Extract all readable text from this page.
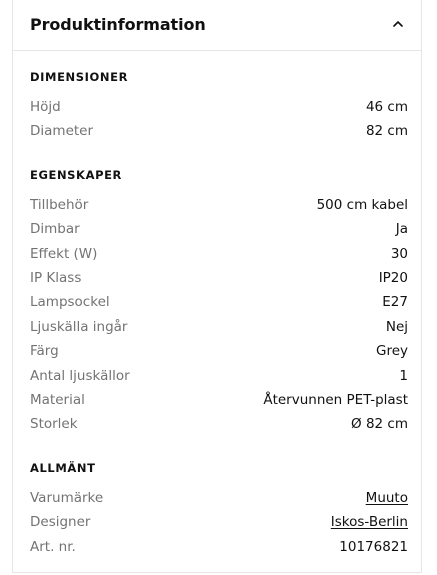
Produktinformation
DIMENSIONER
Höjd	46 cm
Diameter	82 cm
EGENSKAPER
Tillbehör	500 cm kabel
Dimbar	Ja
Effekt (W)	30
IP Klass	IP20
Lampsockel	E27
Ljuskälla ingår	Nej
Färg	Grey
Antal ljuskällor	1
Material	Återvunnen PET-plast
Storlek	Ø 82 cm
ALLMÄNT
Varumärke	Muuto
Designer	Iskos-Berlin
Art. nr.	10176821
